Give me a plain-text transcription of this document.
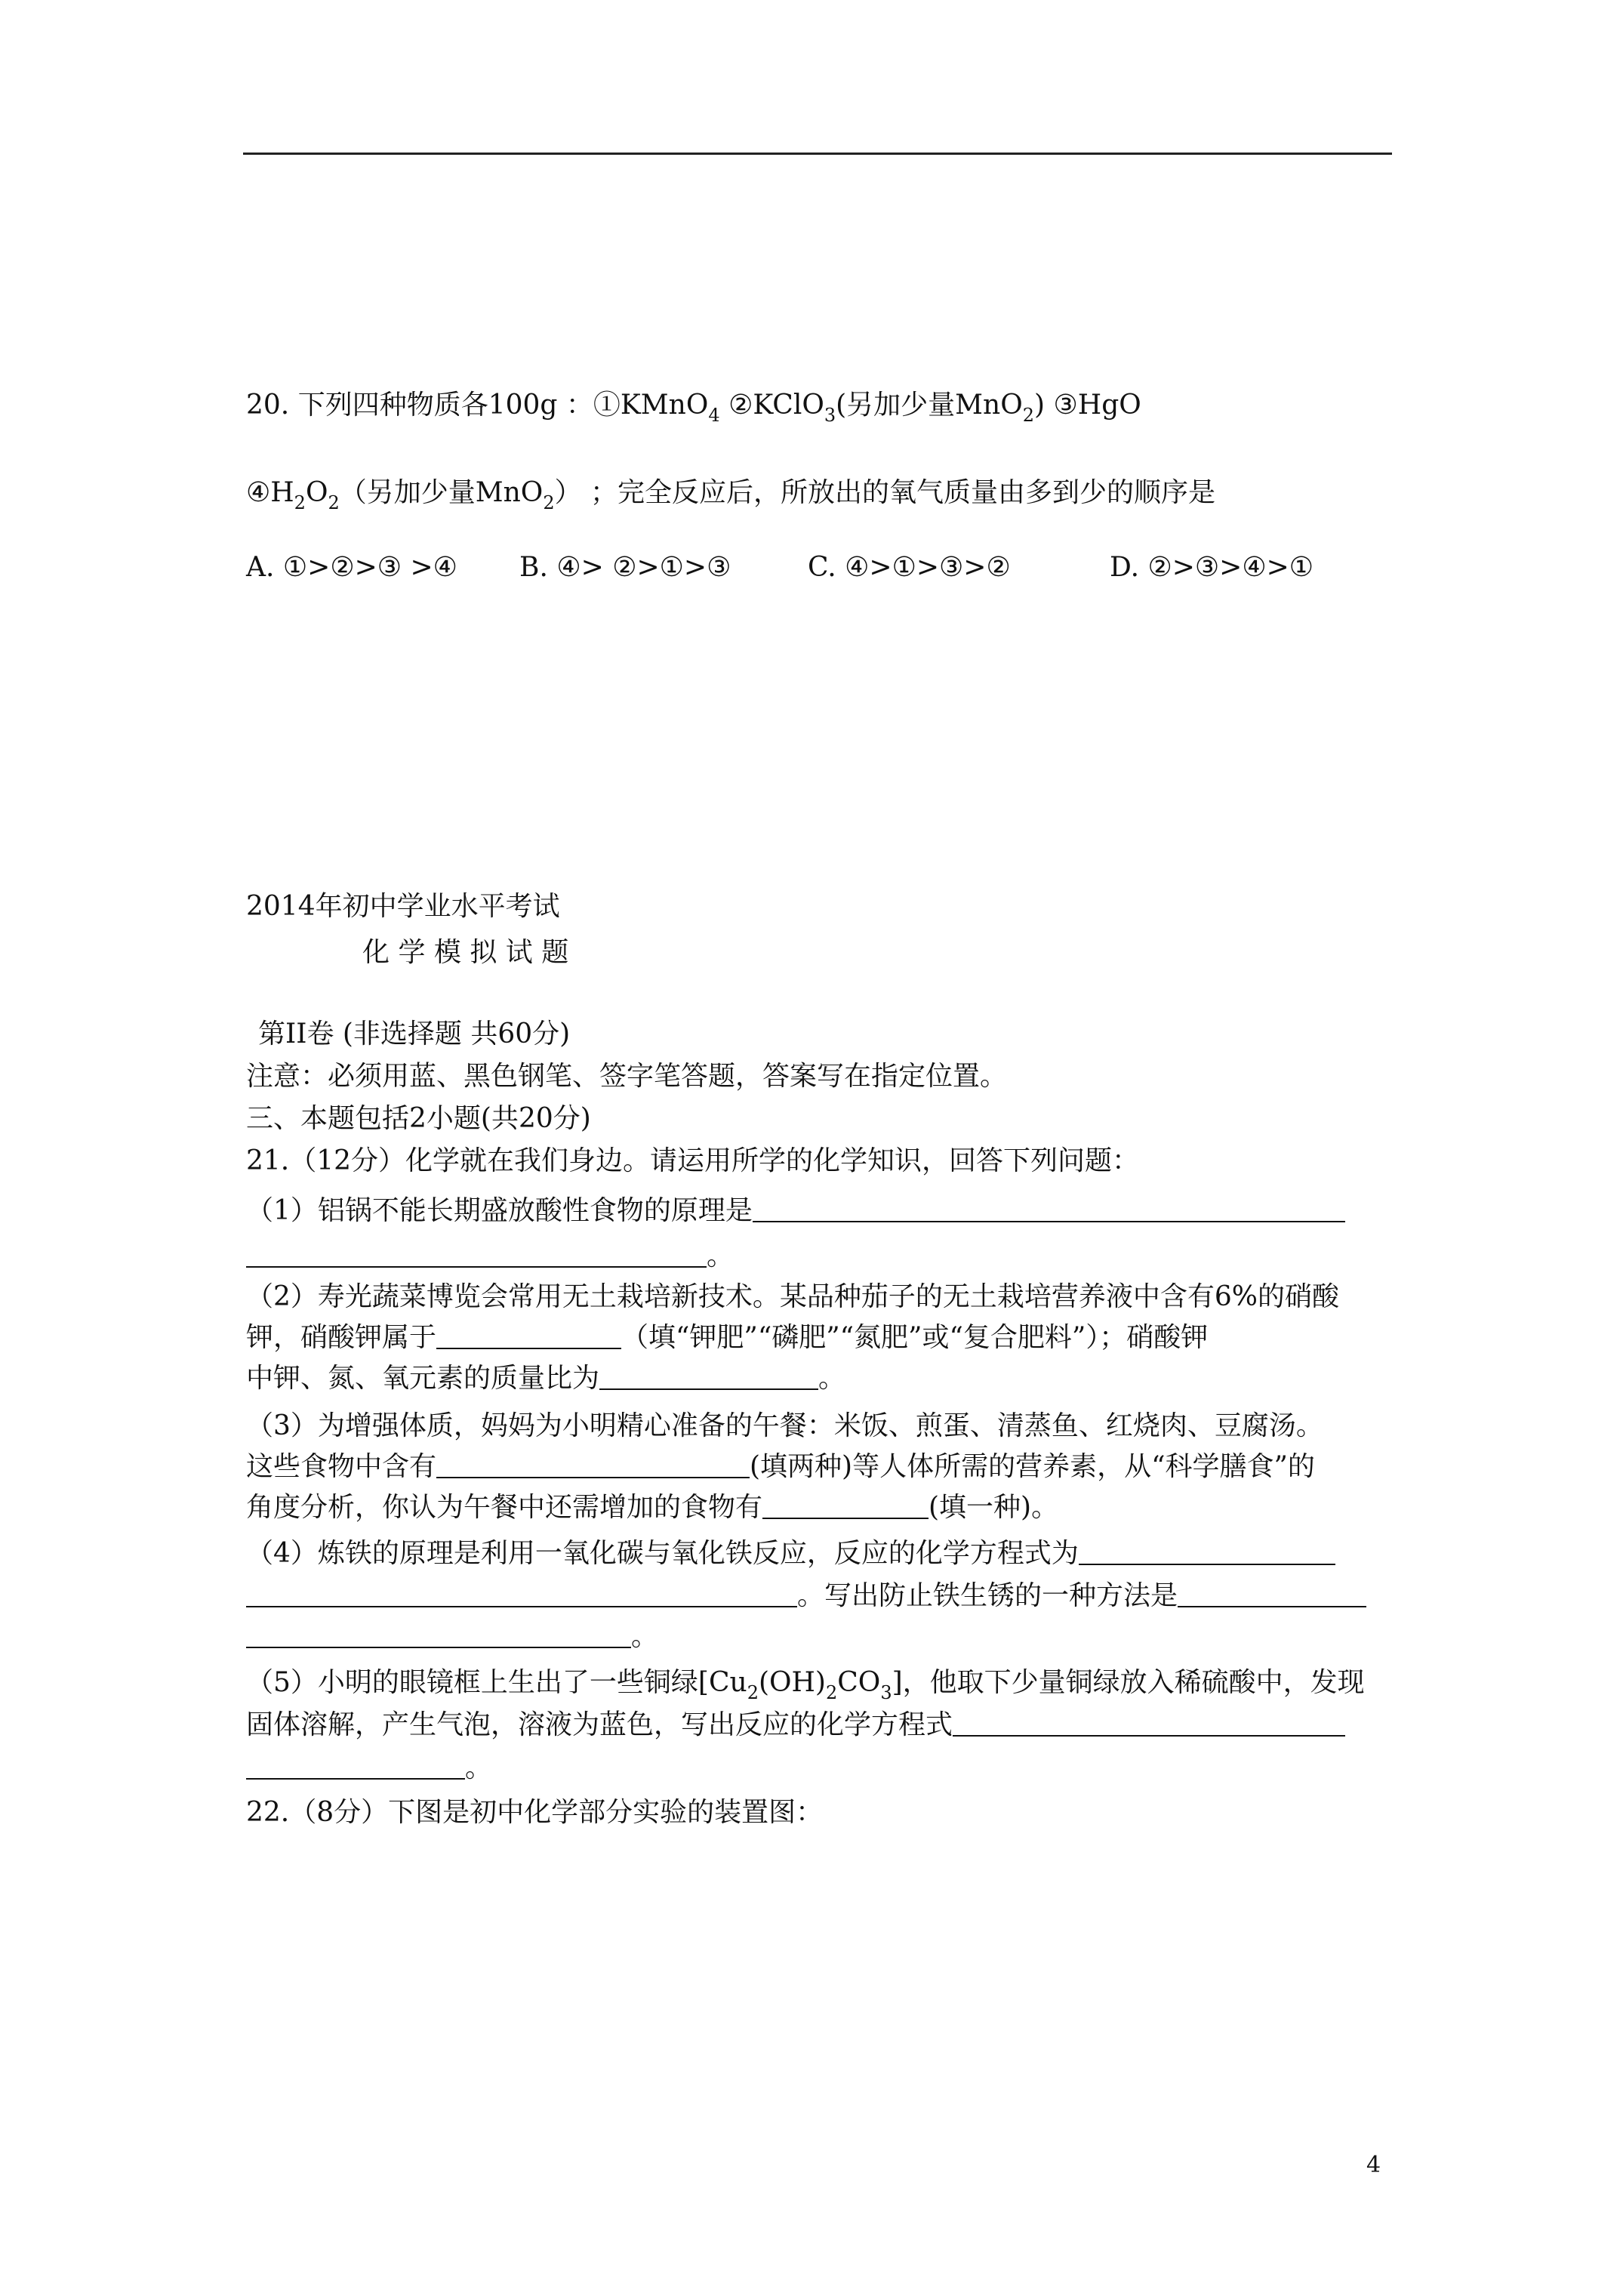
20. 下列四种物质各100g ：①KMnO$_4$ ②KClO$_3$(另加少量MnO$_2$) ③HgO
$④H_2O_2$（另加少量MnO$_2$） ；完全反应后，所放出的氧气质量由多到少的顺序是
A. ①>②>③ >④ B. ④> ②>①>③	C. ④>①>③>②	D. ②>③>④>①
2014年初中学业水平考试
化 学 模 拟 试 题
第II卷 (非选择题 共60分)
注意：必须用蓝、黑色钢笔、签字笔答题，答案写在指定位置。
三、本题包括2小题(共20分)
21.（12分）化学就在我们身边。请运用所学的化学知识，回答下列问题：
（1）铝锅不能长期盛放酸性食物的原理是
。
（2）寿光蔬菜博览会常用无土栽培新技术。某品种茄子的无土栽培营养液中含有6%的硝酸
钾，硝酸钾属于	（填“钾肥”“磷肥”“氮肥”或“复合肥料”）；硝酸钾
中钾、氮、氧元素的质量比为	。
（3）为增强体质，妈妈为小明精心准备的午餐：米饭、煎蛋、清蒸鱼、红烧肉、豆腐汤。
这些食物中含有	(填两种)等人体所需的营养素，从“科学膳食”的
角度分析，你认为午餐中还需增加的食物有	(填一种)。
（4）炼铁的原理是利用一氧化碳与氧化铁反应，反应的化学方程式为
。写出防止铁生锈的一种方法是
。
（5）小明的眼镜框上生出了一些铜绿$[Cu_2(OH)_2CO_3]$，他取下少量铜绿放入稀硫酸中，发现
固体溶解，产生气泡，溶液为蓝色，写出反应的化学方程式
。
22.（8分）下图是初中化学部分实验的装置图：
4
